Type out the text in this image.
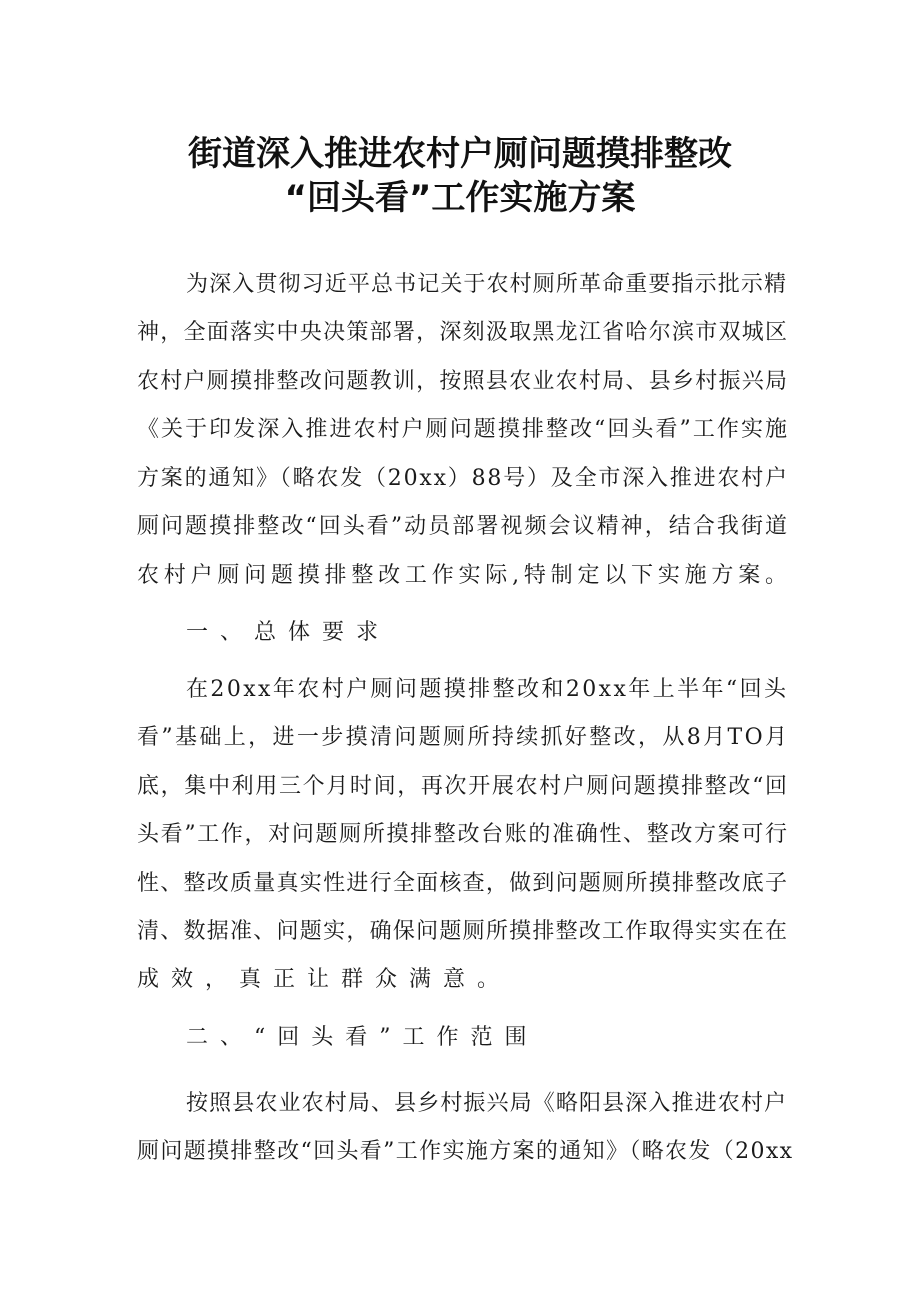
街道深入推进农村户厕问题摸排整改
“回头看”工作实施方案
为深入贯彻习近平总书记关于农村厕所革命重要指示批示精
神，全面落实中央决策部署，深刻汲取黑龙江省哈尔滨市双城区
农村户厕摸排整改问题教训，按照县农业农村局、县乡村振兴局
《关于印发深入推进农村户厕问题摸排整改“回头看”工作实施
方案的通知》（略农发（20xx）88号）及全市深入推进农村户
厕问题摸排整改“回头看”动员部署视频会议精神，结合我街道
农村户厕问题摸排整改工作实际,特制定以下实施方案。
一、总体要求
在20xx年农村户厕问题摸排整改和20xx年上半年“回头
看”基础上，进一步摸清问题厕所持续抓好整改，从8月TO月
底，集中利用三个月时间，再次开展农村户厕问题摸排整改“回
头看”工作，对问题厕所摸排整改台账的准确性、整改方案可行
性、整改质量真实性进行全面核查，做到问题厕所摸排整改底子
清、数据准、问题实，确保问题厕所摸排整改工作取得实实在在
成效，真正让群众满意。
二、“回头看”工作范围
按照县农业农村局、县乡村振兴局《略阳县深入推进农村户
厕问题摸排整改“回头看”工作实施方案的通知》（略农发（20xx
